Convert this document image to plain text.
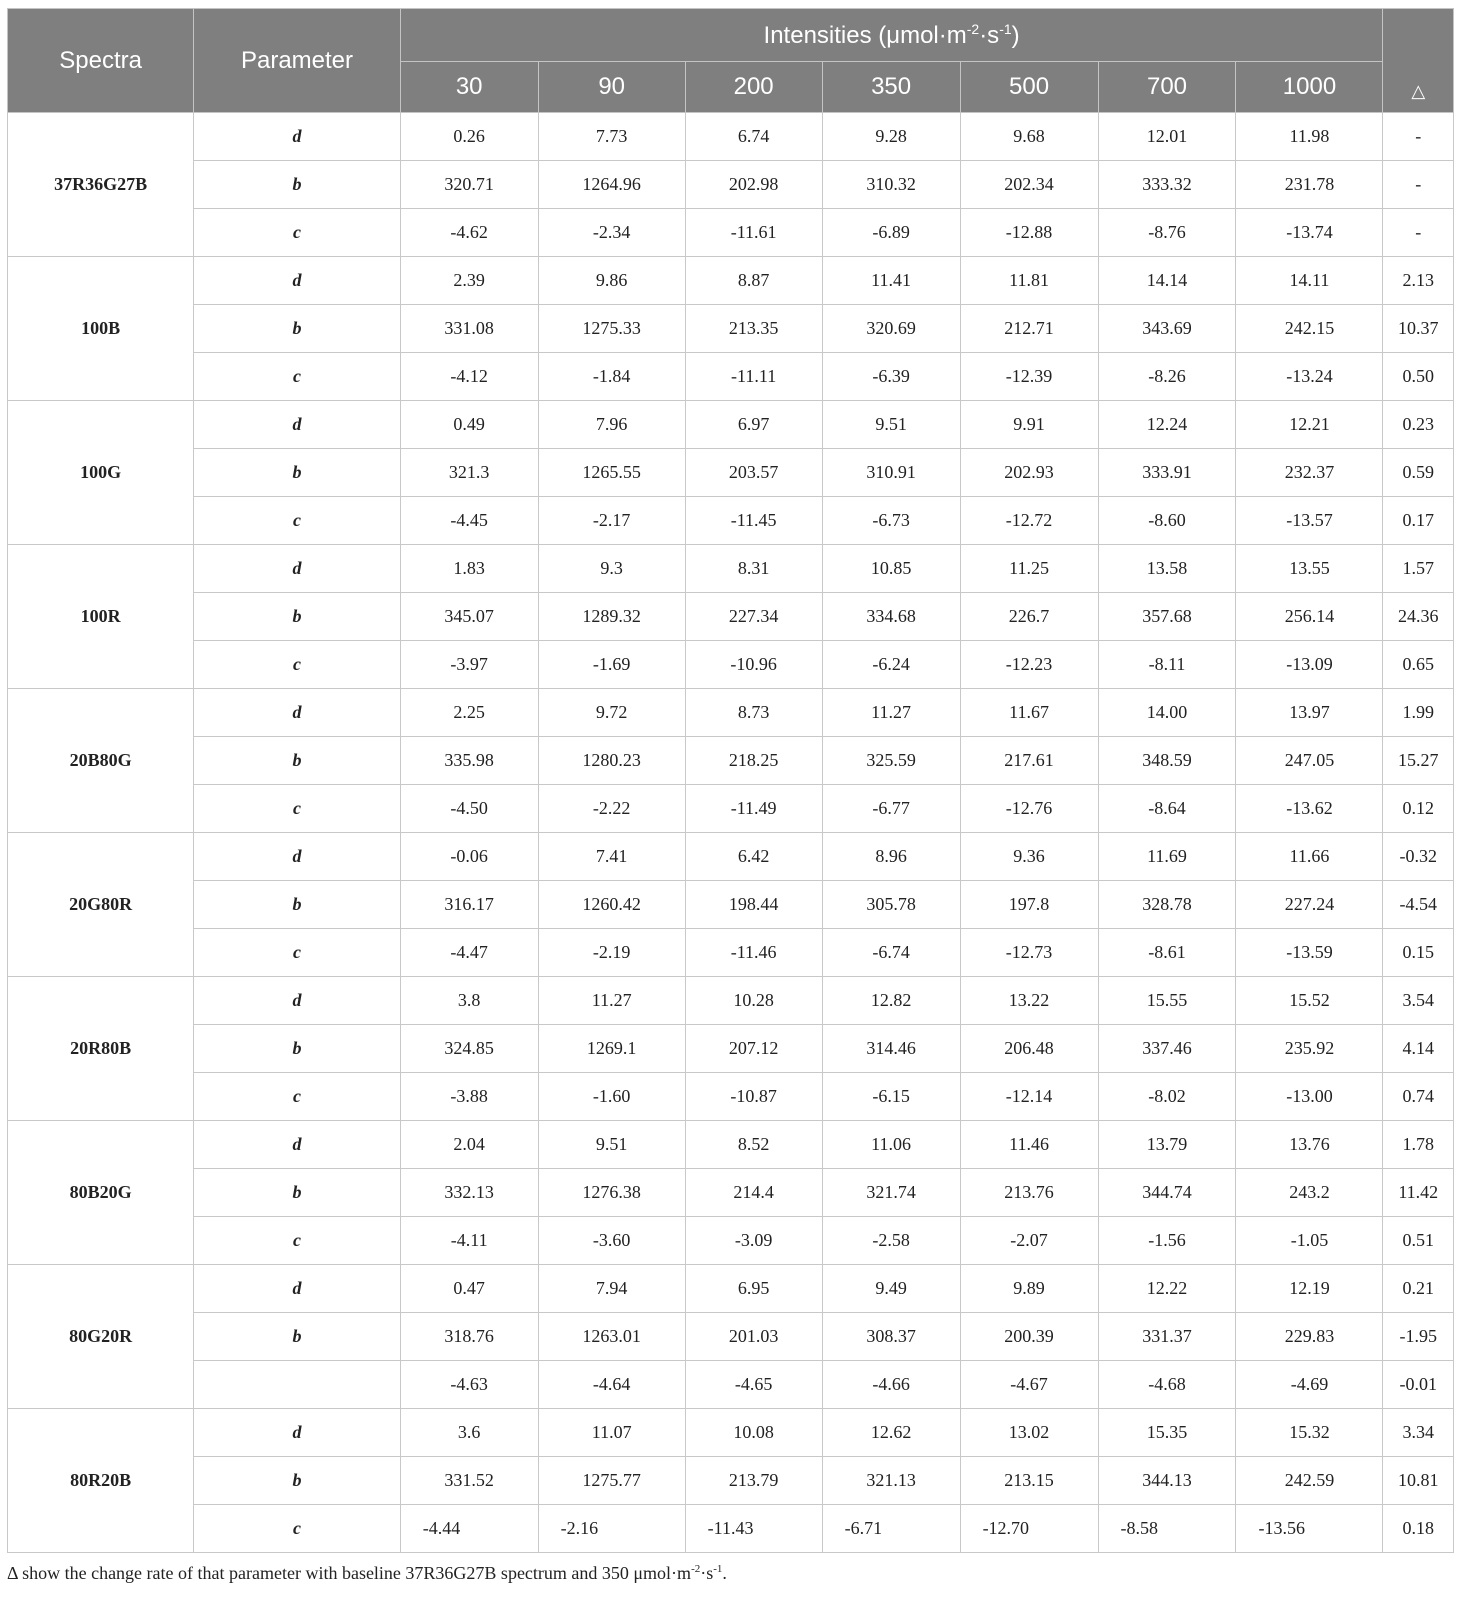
Spectra	Parameter	Intensities $(\mu mol\cdot m^{-2}\cdot s^{-1})$							△
		30	90	200	350	500	700	1000	
37R36G27B	d	0.26	7.73	6.74	9.28	9.68	12.01	11.98	-
	b	320.71	1264.96	202.98	310.32	202.34	333.32	231.78	-
	c	-4.62	-2.34	-11.61	-6.89	-12.88	-8.76	-13.74	-
100B	d	2.39	9.86	8.87	11.41	11.81	14.14	14.11	2.13
	b	331.08	1275.33	213.35	320.69	212.71	343.69	242.15	10.37
	c	-4.12	-1.84	-11.11	-6.39	-12.39	-8.26	-13.24	0.50
100G	d	0.49	7.96	6.97	9.51	9.91	12.24	12.21	0.23
	b	321.3	1265.55	203.57	310.91	202.93	333.91	232.37	0.59
	c	-4.45	-2.17	-11.45	-6.73	-12.72	-8.60	-13.57	0.17
100R	d	1.83	9.3	8.31	10.85	11.25	13.58	13.55	1.57
	b	345.07	1289.32	227.34	334.68	226.7	357.68	256.14	24.36
	c	-3.97	-1.69	-10.96	-6.24	-12.23	-8.11	-13.09	0.65
20B80G	d	2.25	9.72	8.73	11.27	11.67	14.00	13.97	1.99
	b	335.98	1280.23	218.25	325.59	217.61	348.59	247.05	15.27
	c	-4.50	-2.22	-11.49	-6.77	-12.76	-8.64	-13.62	0.12
20G80R	d	-0.06	7.41	6.42	8.96	9.36	11.69	11.66	-0.32
	b	316.17	1260.42	198.44	305.78	197.8	328.78	227.24	-4.54
	c	-4.47	-2.19	-11.46	-6.74	-12.73	-8.61	-13.59	0.15
20R80B	d	3.8	11.27	10.28	12.82	13.22	15.55	15.52	3.54
	b	324.85	1269.1	207.12	314.46	206.48	337.46	235.92	4.14
	c	-3.88	-1.60	-10.87	-6.15	-12.14	-8.02	-13.00	0.74
80B20G	d	2.04	9.51	8.52	11.06	11.46	13.79	13.76	1.78
	b	332.13	1276.38	214.4	321.74	213.76	344.74	243.2	11.42
	c	-4.11	-3.60	-3.09	-2.58	-2.07	-1.56	-1.05	0.51
80G20R	d	0.47	7.94	6.95	9.49	9.89	12.22	12.19	0.21
	b	318.76	1263.01	201.03	308.37	200.39	331.37	229.83	-1.95
		-4.63	-4.64	-4.65	-4.66	-4.67	-4.68	-4.69	-0.01
80R20B	d	3.6	11.07	10.08	12.62	13.02	15.35	15.32	3.34
	b	331.52	1275.77	213.79	321.13	213.15	344.13	242.59	10.81
	c	-4.44	-2.16	-11.43	-6.71	-12.70	-8.58	-13.56	0.18
Δ show the change rate of that parameter with baseline 37R36G27B spectrum and 350 $\mu mol\cdot m^{-2}\cdot s^{-1}$.
